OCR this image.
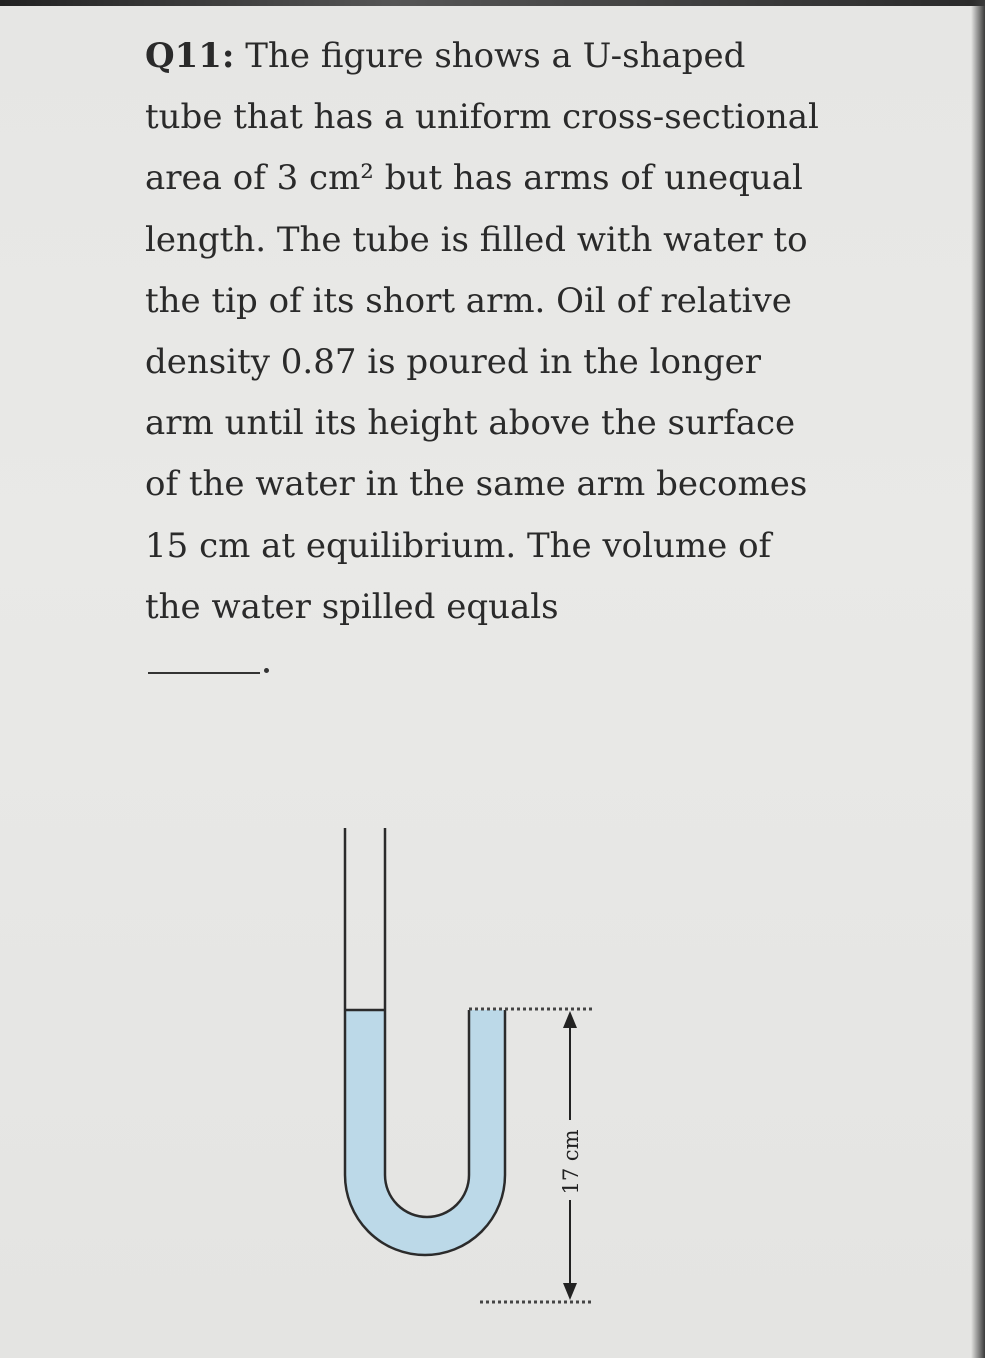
Q11: The figure shows a U-shaped tube that has a uniform cross-sectional area of 3 cm² but has arms of unequal length. The tube is filled with water to the tip of its short arm. Oil of relative density 0.87 is poured in the longer arm until its height above the surface of the water in the same arm becomes 15 cm at equilibrium. The volume of the water spilled equals
17 cm
